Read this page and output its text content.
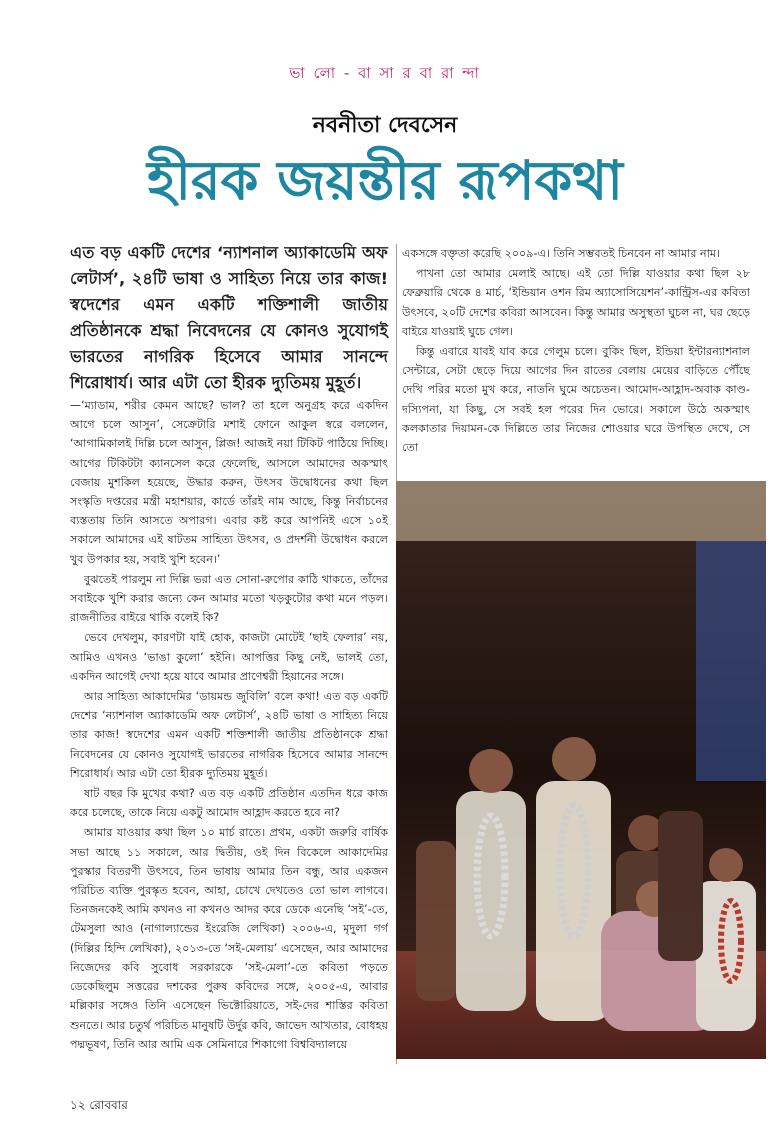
ভা লো - বা সা র বা রা ন্দা
নবনীতা দেবসেন
হীরক জয়ন্তীর রূপকথা
এত বড় একটি দেশের ‘ন্যাশনাল অ্যাকাডেমি অফ লেটার্স’, ২৪টি ভাষা ও সাহিত্য নিয়ে তার কাজ! স্বদেশের এমন একটি শক্তিশালী জাতীয় প্রতিষ্ঠানকে শ্রদ্ধা নিবেদনের যে কোনও সুযোগই ভারতের নাগরিক হিসেবে আমার সানন্দে শিরোধার্য। আর এটা তো হীরক দ্যুতিময় মুহূর্ত।

—‘ম্যাডাম, শরীর কেমন আছে? ভাল? তা হলে অনুগ্রহ করে একদিন আগে চলে আসুন’, সেক্রেটারি মশাই ফোনে আকুল স্বরে বললেন, ‘আগামিকালই দিল্লি চলে আসুন, প্লিজ! আজই নয়া টিকিট পাঠিয়ে দিচ্ছি। আগের টিকিটটা ক্যানসেল করে ফেলেছি, আসলে আমাদের অকস্মাৎ বেজায় মুশকিল হয়েছে, উদ্ধার করুন, উৎসব উদ্বোধনের কথা ছিল সংস্কৃতি দপ্তরের মন্ত্রী মহাশয়ার, কার্ডে তাঁরই নাম আছে, কিন্তু নির্বাচনের ব্যস্ততায় তিনি আসতে অপারগ। এবার কষ্ট করে আপনিই এসে ১০ই সকালে আমাদের এই ষাটতম সাহিত্য উৎসব, ও প্রদর্শনী উদ্বোধন করলে খুব উপকার হয়, সবাই খুশি হবেন।’

বুঝতেই পারলুম না দিল্লি ভরা এত সোনা-রুপোর কাঠি থাকতে, তাঁদের সবাইকে খুশি করার জন্যে কেন আমার মতো খড়কুটোর কথা মনে পড়ল। রাজনীতির বাইরে থাকি বলেই কি?

ভেবে দেখলুম, কারণটা যাই হোক, কাজটা মোটেই ‘ছাই ফেলার’ নয়, আমিও এখনও ‘ভাঙা কুলো’ হইনি। আপত্তির কিছু নেই, ভালই তো, একদিন আগেই দেখা হয়ে যাবে আমার প্রাণেশ্বরী হিয়ানের সঙ্গে।

আর সাহিত্য আকাদেমির ‘ডায়মন্ড জুবিলি’ বলে কথা! এত বড় একটি দেশের ‘ন্যাশনাল অ্যাকাডেমি অফ লেটার্স’, ২৪টি ভাষা ও সাহিত্য নিয়ে তার কাজ! স্বদেশের এমন একটি শক্তিশালী জাতীয় প্রতিষ্ঠানকে শ্রদ্ধা নিবেদনের যে কোনও সুযোগই ভারতের নাগরিক হিসেবে আমার সানন্দে শিরোধার্য। আর এটা তো হীরক দ্যুতিময় মুহূর্ত।

ষাট বছর কি মুখের কথা? এত বড় একটি প্রতিষ্ঠান এতদিন ধরে কাজ করে চলেছে, তাকে নিয়ে একটু আমোদ আহ্লাদ করতে হবে না?

আমার যাওয়ার কথা ছিল ১০ মার্চ রাতে। প্রথম, একটা জরুরি বার্ষিক সভা আছে ১১ সকালে, আর দ্বিতীয়, ওই দিন বিকেলে আকাদেমির পুরস্কার বিতরণী উৎসবে, তিন ভাষায় আমার তিন বন্ধু, আর একজন পরিচিত ব্যক্তি পুরস্কৃত হবেন, আহা, চোখে দেখতেও তো ভাল লাগবে। তিনজনকেই আমি কখনও না কখনও আদর করে ডেকে এনেছি ‘সই’-তে, টেমসুলা আও (নাগাল্যান্ডের ইংরেজি লেখিকা) ২০০৬-এ, মৃদুলা গর্গ (দিল্লির হিন্দি লেখিকা), ২০১৩-তে ‘সই-মেলায়’ এসেছেন, আর আমাদের নিজেদের কবি সুবোধ সরকারকে ‘সই-মেলা’-তে কবিতা পড়তে ডেকেছিলুম সত্তরের দশকের পুরুষ কবিদের সঙ্গে, ২০০৫-এ, আবার মল্লিকার সঙ্গেও তিনি এসেছেন ভিক্টোরিয়াতে, সই-দের শাস্তির কবিতা শুনতে। আর চতুর্থ পরিচিত মানুষটি উর্দুর কবি, জাভেদ আখতার, বোধহয় পদ্মভূষণ, তিনি আর আমি এক সেমিনারে শিকাগো বিশ্ববিদ্যালয়ে

একসঙ্গে বক্তৃতা করেছি ২০০৯-এ। তিনি সম্ভবতই চিনবেন না আমার নাম।

পাখনা তো আমার মেলাই আছে। এই তো দিল্লি যাওয়ার কথা ছিল ২৮ ফেব্রুয়ারি থেকে ৪ মার্চ, ‘ইন্ডিয়ান ওশন রিম অ্যাসোসিয়েশন’-কান্ট্রিস-এর কবিতা উৎসবে, ২০টি দেশের কবিরা আসবেন। কিন্তু আমার অসুস্থতা ঘুচল না, ঘর ছেড়ে বাইরে যাওয়াই ঘুচে গেল।

কিন্তু এবারে যাবই যাব করে গেলুম চলে। বুকিং ছিল, ইন্ডিয়া ইন্টারন্যাশনাল সেন্টারে, সেটা ছেড়ে দিয়ে আগের দিন রাতের বেলায় মেয়ের বাড়িতে পৌঁছে দেখি পরির মতো মুখ করে, নাতনি ঘুমে অচেতন। আমোদ-আহ্লাদ-অবাক কাণ্ড-দস্যিপনা, যা কিছু, সে সবই হল পরের দিন ভোরে। সকালে উঠে অকস্মাৎ কলকাতার দিয়ামন-কে দিল্লিতে তার নিজের শোওয়ার ঘরে উপস্থিত দেখে, সে তো

১২ রোববার
